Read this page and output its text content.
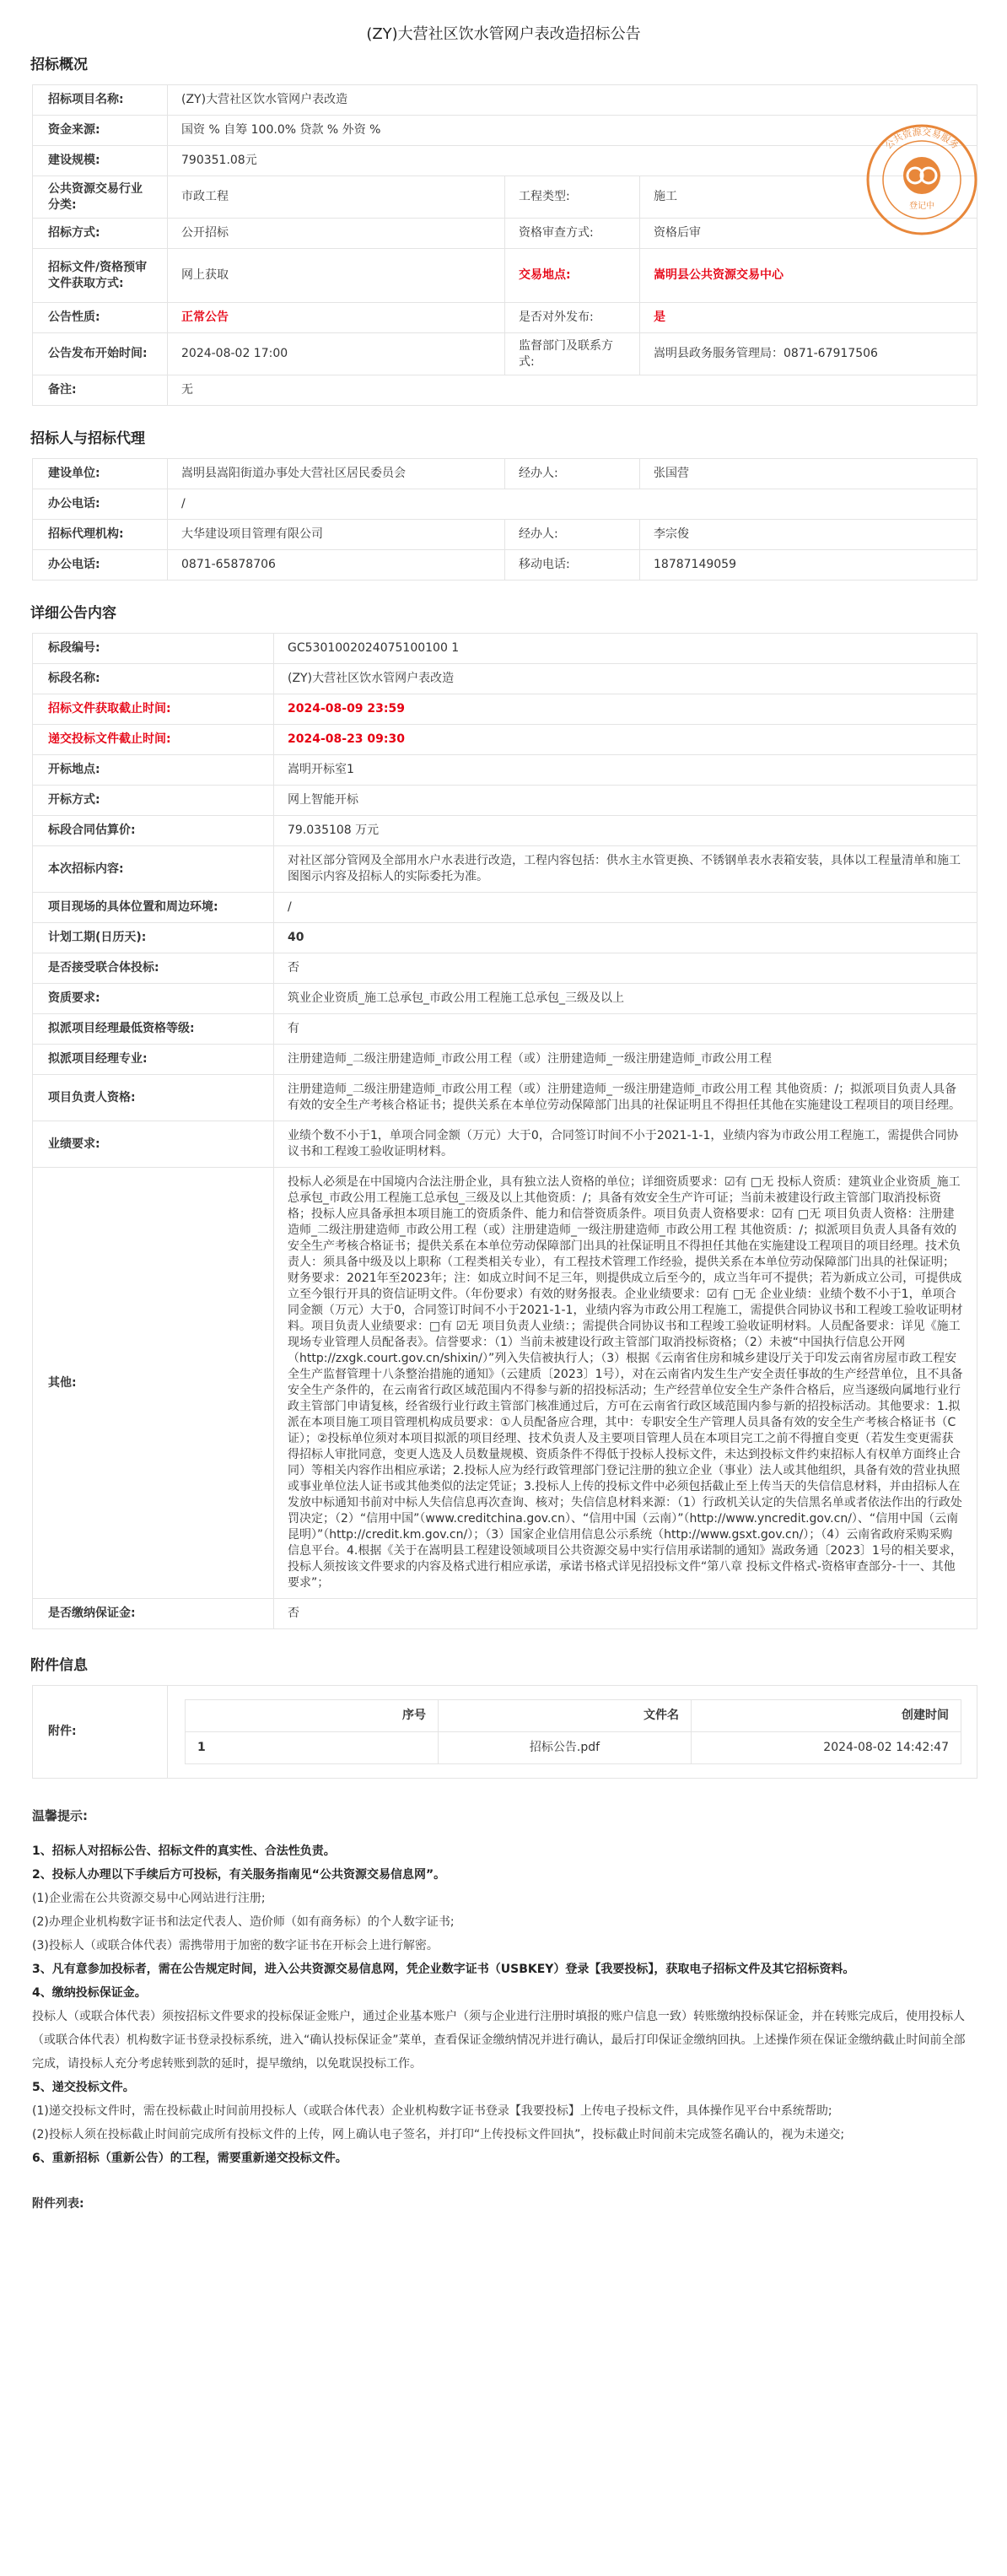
(ZY)大营社区饮水管网户表改造招标公告
招标概况
招标项目名称:	(ZY)大营社区饮水管网户表改造		
资金来源:	国资 % 自筹 100.0% 贷款 % 外资 %		
建设规模:	790351.08元		
公共资源交易行业分类:	市政工程	工程类型:	施工
招标方式:	公开招标	资格审查方式:	资格后审
招标文件/资格预审文件获取方式:	网上获取	交易地点:	嵩明县公共资源交易中心
公告性质:	正常公告	是否对外发布:	是
公告发布开始时间:	2024-08-02 17:00	监督部门及联系方式:	嵩明县政务服务管理局：0871-67917506
备注:	无		
公共资源交易服务
登记中
招标人与招标代理
建设单位:	嵩明县嵩阳街道办事处大营社区居民委员会	经办人:	张国营
办公电话:	/		
招标代理机构:	大华建设项目管理有限公司	经办人:	李宗俊
办公电话:	0871-65878706	移动电话:	18787149059
详细公告内容
标段编号:	GC5301002024075100100 1
标段名称:	(ZY)大营社区饮水管网户表改造
招标文件获取截止时间:	2024-08-09 23:59
递交投标文件截止时间:	2024-08-23 09:30
开标地点:	嵩明开标室1
开标方式:	网上智能开标
标段合同估算价:	79.035108 万元
本次招标内容:	对社区部分管网及全部用水户水表进行改造，工程内容包括：供水主水管更换、不锈钢单表水表箱安装，具体以工程量清单和施工图图示内容及招标人的实际委托为准。
项目现场的具体位置和周边环境:	/
计划工期(日历天):	40
是否接受联合体投标:	否
资质要求:	筑业企业资质_施工总承包_市政公用工程施工总承包_三级及以上
拟派项目经理最低资格等级:	有
拟派项目经理专业:	注册建造师_二级注册建造师_市政公用工程（或）注册建造师_一级注册建造师_市政公用工程
项目负责人资格:	注册建造师_二级注册建造师_市政公用工程（或）注册建造师_一级注册建造师_市政公用工程 其他资质：/；拟派项目负责人具备有效的安全生产考核合格证书；提供关系在本单位劳动保障部门出具的社保证明且不得担任其他在实施建设工程项目的项目经理。
业绩要求:	业绩个数不小于1，单项合同金额（万元）大于0，合同签订时间不小于2021-1-1，业绩内容为市政公用工程施工，需提供合同协议书和工程竣工验收证明材料。
其他:	投标人必须是在中国境内合法注册企业，具有独立法人资格的单位；详细资质要求：☑有 □无 投标人资质：建筑业企业资质_施工总承包_市政公用工程施工总承包_三级及以上其他资质：/；具备有效安全生产许可证；当前未被建设行政主管部门取消投标资格；投标人应具备承担本项目施工的资质条件、能力和信誉资质条件。项目负责人资格要求：☑有 □无 项目负责人资格：注册建造师_二级注册建造师_市政公用工程（或）注册建造师_一级注册建造师_市政公用工程 其他资质：/；拟派项目负责人具备有效的安全生产考核合格证书；提供关系在本单位劳动保障部门出具的社保证明且不得担任其他在实施建设工程项目的项目经理。技术负责人：须具备中级及以上职称（工程类相关专业），有工程技术管理工作经验，提供关系在本单位劳动保障部门出具的社保证明；财务要求：2021年至2023年；注：如成立时间不足三年，则提供成立后至今的，成立当年可不提供；若为新成立公司，可提供成立至今银行开具的资信证明文件。（年份要求）有效的财务报表。企业业绩要求：☑有 □无 企业业绩：业绩个数不小于1，单项合同金额（万元）大于0，合同签订时间不小于2021-1-1，业绩内容为市政公用工程施工，需提供合同协议书和工程竣工验收证明材料。项目负责人业绩要求：□有 ☑无 项目负责人业绩：；需提供合同协议书和工程竣工验收证明材料。人员配备要求：详见《施工现场专业管理人员配备表》。信誉要求：（1）当前未被建设行政主管部门取消投标资格；（2）未被“中国执行信息公开网（http://zxgk.court.gov.cn/shixin/）”列入失信被执行人；（3）根据《云南省住房和城乡建设厅关于印发云南省房屋市政工程安全生产监督管理十八条整治措施的通知》（云建质〔2023〕1号），对在云南省内发生生产安全责任事故的生产经营单位，且不具备安全生产条件的，在云南省行政区域范围内不得参与新的招投标活动；生产经营单位安全生产条件合格后，应当逐级向属地行业行政主管部门申请复核，经省级行业行政主管部门核准通过后，方可在云南省行政区域范围内参与新的招投标活动。其他要求：1.拟派在本项目施工项目管理机构成员要求：①人员配备应合理，其中：专职安全生产管理人员具备有效的安全生产考核合格证书（C证）；②投标单位须对本项目拟派的项目经理、技术负责人及主要项目管理人员在本项目完工之前不得擅自变更（若发生变更需获得招标人审批同意，变更人选及人员数量规模、资质条件不得低于投标人投标文件，未达到投标文件约束招标人有权单方面终止合同）等相关内容作出相应承诺；2.投标人应为经行政管理部门登记注册的独立企业（事业）法人或其他组织，具备有效的营业执照或事业单位法人证书或其他类似的法定凭证；3.投标人上传的投标文件中必须包括截止至上传当天的失信信息材料，并由招标人在发放中标通知书前对中标人失信信息再次查询、核对；失信信息材料来源：（1）行政机关认定的失信黑名单或者依法作出的行政处罚决定；（2）“信用中国”（www.creditchina.gov.cn）、“信用中国（云南）”（http://www.yncredit.gov.cn/）、“信用中国（云南昆明）”（http://credit.km.gov.cn/）；（3）国家企业信用信息公示系统（http://www.gsxt.gov.cn/）；（4）云南省政府采购采购信息平台。4.根据《关于在嵩明县工程建设领域项目公共资源交易中实行信用承诺制的通知》嵩政务通〔2023〕1号的相关要求，投标人须按该文件要求的内容及格式进行相应承诺，承诺书格式详见招投标文件“第八章 投标文件格式-资格审查部分-十一、其他要求”；
是否缴纳保证金:	否
附件信息
附件:	
序号	文件名	创建时间
1	招标公告.pdf	2024-08-02 14:42:47
温馨提示:

1、招标人对招标公告、招标文件的真实性、合法性负责。

2、投标人办理以下手续后方可投标，有关服务指南见“公共资源交易信息网”。

(1)企业需在公共资源交易中心网站进行注册;

(2)办理企业机构数字证书和法定代表人、造价师（如有商务标）的个人数字证书;

(3)投标人（或联合体代表）需携带用于加密的数字证书在开标会上进行解密。

3、凡有意参加投标者，需在公告规定时间，进入公共资源交易信息网，凭企业数字证书（USBKEY）登录【我要投标】，获取电子招标文件及其它招标资料。

4、缴纳投标保证金。

投标人（或联合体代表）须按招标文件要求的投标保证金账户，通过企业基本账户（须与企业进行注册时填报的账户信息一致）转账缴纳投标保证金，并在转账完成后，使用投标人（或联合体代表）机构数字证书登录投标系统，进入“确认投标保证金”菜单，查看保证金缴纳情况并进行确认，最后打印保证金缴纳回执。上述操作须在保证金缴纳截止时间前全部完成，请投标人充分考虑转账到款的延时，提早缴纳，以免耽误投标工作。

5、递交投标文件。

(1)递交投标文件时，需在投标截止时间前用投标人（或联合体代表）企业机构数字证书登录【我要投标】上传电子投标文件，具体操作见平台中系统帮助;

(2)投标人须在投标截止时间前完成所有投标文件的上传，网上确认电子签名，并打印“上传投标文件回执”，投标截止时间前未完成签名确认的，视为未递交;

6、重新招标（重新公告）的工程，需要重新递交投标文件。

附件列表:
